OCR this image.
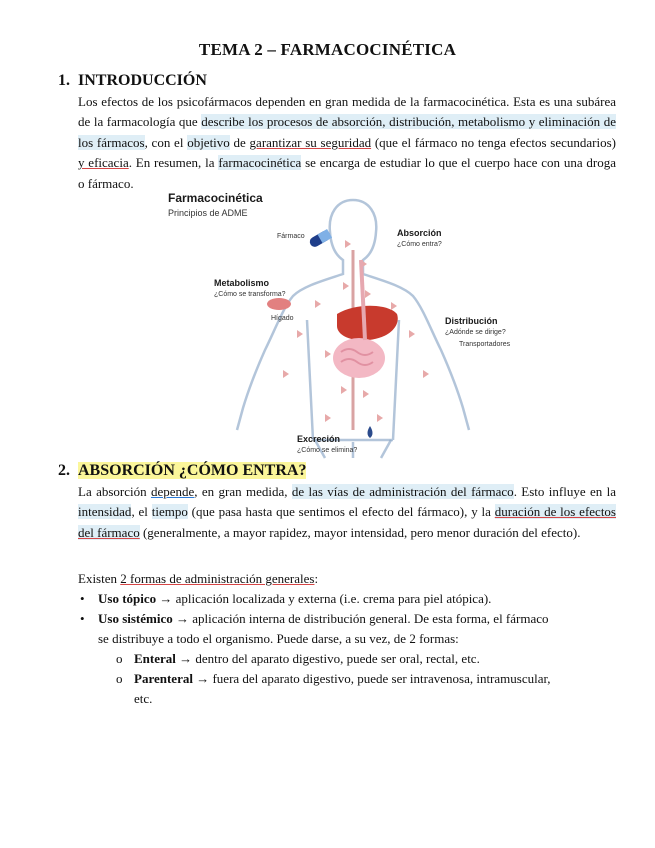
TEMA 2 – FARMACOCINÉTICA
1. INTRODUCCIÓN
Los efectos de los psicofármacos dependen en gran medida de la farmacocinética. Esta es una subárea de la farmacología que describe los procesos de absorción, distribución, metabolismo y eliminación de los fármacos, con el objetivo de garantizar su seguridad (que el fármaco no tenga efectos secundarios) y eficacia. En resumen, la farmacocinética se encarga de estudiar lo que el cuerpo hace con una droga o fármaco.
Farmacocinética
Principios de ADME
Fármaco	Absorción
¿Cómo entra?
Metabolismo
¿Cómo se transforma?
Hígado	Distribución
¿Adónde se dirige?
Transportadores
Excreción
¿Cómo se elimina?
2. ABSORCIÓN ¿CÓMO ENTRA?
La absorción depende, en gran medida, de las vías de administración del fármaco. Esto influye en la intensidad, el tiempo (que pasa hasta que sentimos el efecto del fármaco), y la duración de los efectos del fármaco (generalmente, a mayor rapidez, mayor intensidad, pero menor duración del efecto).
Existen 2 formas de administración generales:
• Uso tópico → aplicación localizada y externa (i.e. crema para piel atópica).
• Uso sistémico → aplicación interna de distribución general. De esta forma, el fármaco
se distribuye a todo el organismo. Puede darse, a su vez, de 2 formas:
o Enteral → dentro del aparato digestivo, puede ser oral, rectal, etc.
o Parenteral → fuera del aparato digestivo, puede ser intravenosa, intramuscular,
etc.
